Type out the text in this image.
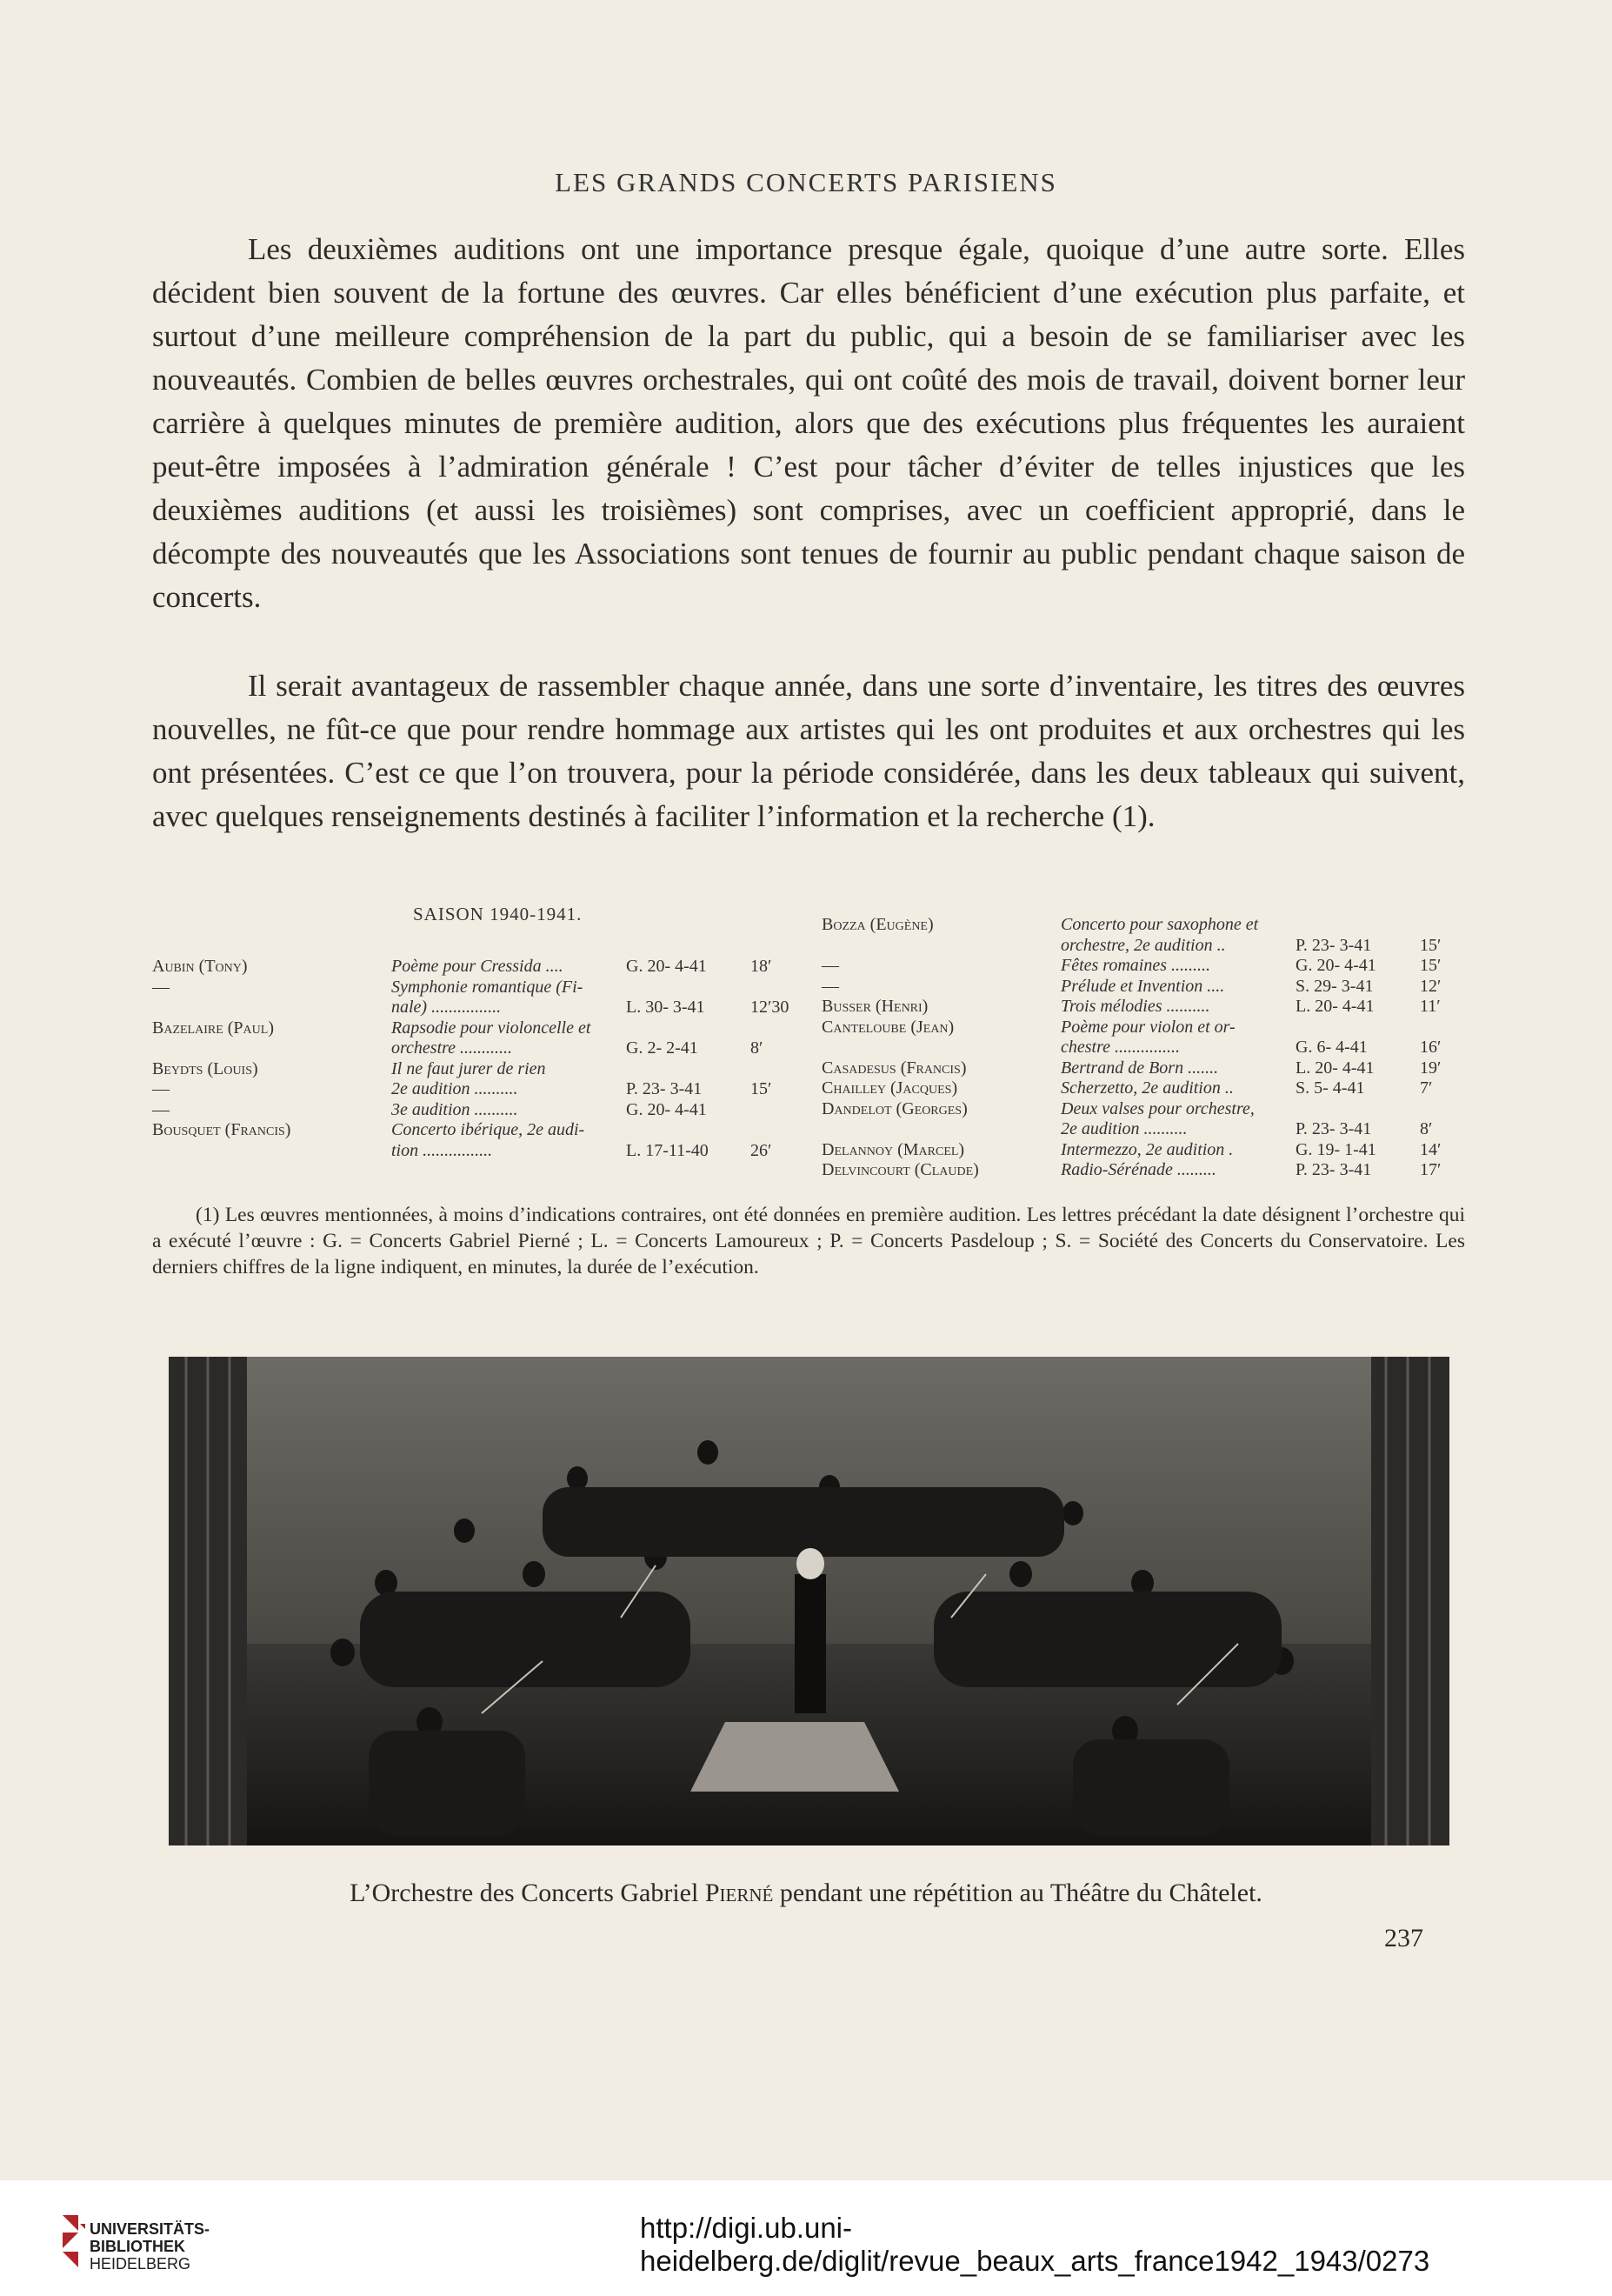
LES GRANDS CONCERTS PARISIENS

Les deuxièmes auditions ont une importance presque égale, quoique d’une autre sorte. Elles décident bien souvent de la fortune des œuvres. Car elles bénéficient d’une exécution plus parfaite, et surtout d’une meilleure compréhension de la part du public, qui a besoin de se familiariser avec les nouveautés. Combien de belles œuvres orchestrales, qui ont coûté des mois de travail, doivent borner leur carrière à quelques minutes de première audition, alors que des exécutions plus fréquentes les auraient peut-être imposées à l’admiration générale ! C’est pour tâcher d’éviter de telles injustices que les deuxièmes auditions (et aussi les troisièmes) sont comprises, avec un coefficient approprié, dans le décompte des nouveautés que les Associations sont tenues de fournir au public pendant chaque saison de concerts.

Il serait avantageux de rassembler chaque année, dans une sorte d’inventaire, les titres des œuvres nouvelles, ne fût-ce que pour rendre hommage aux artistes qui les ont produites et aux orchestres qui les ont présentées. C’est ce que l’on trouvera, pour la période considérée, dans les deux tableaux qui suivent, avec quelques renseignements destinés à faciliter l’information et la recherche (1).

SAISON 1940-1941.
Aubin (Tony)	Poème pour Cressida ....	G. 20- 4-41	18′
—	Symphonie romantique (Fi-
nale) ................	L. 30- 3-41	12′30
Bazelaire (Paul)	Rapsodie pour violoncelle et
orchestre ............	G. 2- 2-41	8′
Beydts (Louis)	Il ne faut jurer de rien
—	2e audition ..........	P. 23- 3-41	15′
—	3e audition ..........	G. 20- 4-41
Bousquet (Francis)	Concerto ibérique, 2e audi-
tion ................	L. 17-11-40 26′
Bozza (Eugène)	Concerto pour saxophone et
orchestre, 2e audition ..	P. 23- 3-41	15′
—	Fêtes romaines .........	G. 20- 4-41	15′
—	Prélude et Invention ....	S. 29- 3-41	12′
Busser (Henri)	Trois mélodies ..........	L. 20- 4-41	11′
Canteloube (Jean)	Poème pour violon et or-
chestre ...............	G. 6- 4-41	16′
Casadesus (Francis)	Bertrand de Born .......	L. 20- 4-41	19′
Chailley (Jacques)	Scherzetto, 2e audition ..	S. 5- 4-41	7′
Dandelot (Georges)	Deux valses pour orchestre,
2e audition ..........	P. 23- 3-41	8′
Delannoy (Marcel)	Intermezzo, 2e audition .	G. 19- 1-41	14′
Delvincourt (Claude)	Radio-Sérénade .........	P. 23- 3-41	17′

(1) Les œuvres mentionnées, à moins d’indications contraires, ont été données en première audition. Les lettres précédant la date désignent l’orchestre qui a exécuté l’œuvre : G. = Concerts Gabriel Pierné ; L. = Concerts Lamoureux ; P. = Concerts Pasdeloup ; S. = Société des Concerts du Conservatoire. Les derniers chiffres de la ligne indiquent, en minutes, la durée de l’exécution.

L’Orchestre des Concerts Gabriel Pierné pendant une répétition au Théâtre du Châtelet.
237
UNIVERSITÄTS-
BIBLIOTHEK
HEIDELBERG
http://digi.ub.uni-heidelberg.de/diglit/revue_beaux_arts_france1942_1943/0273
